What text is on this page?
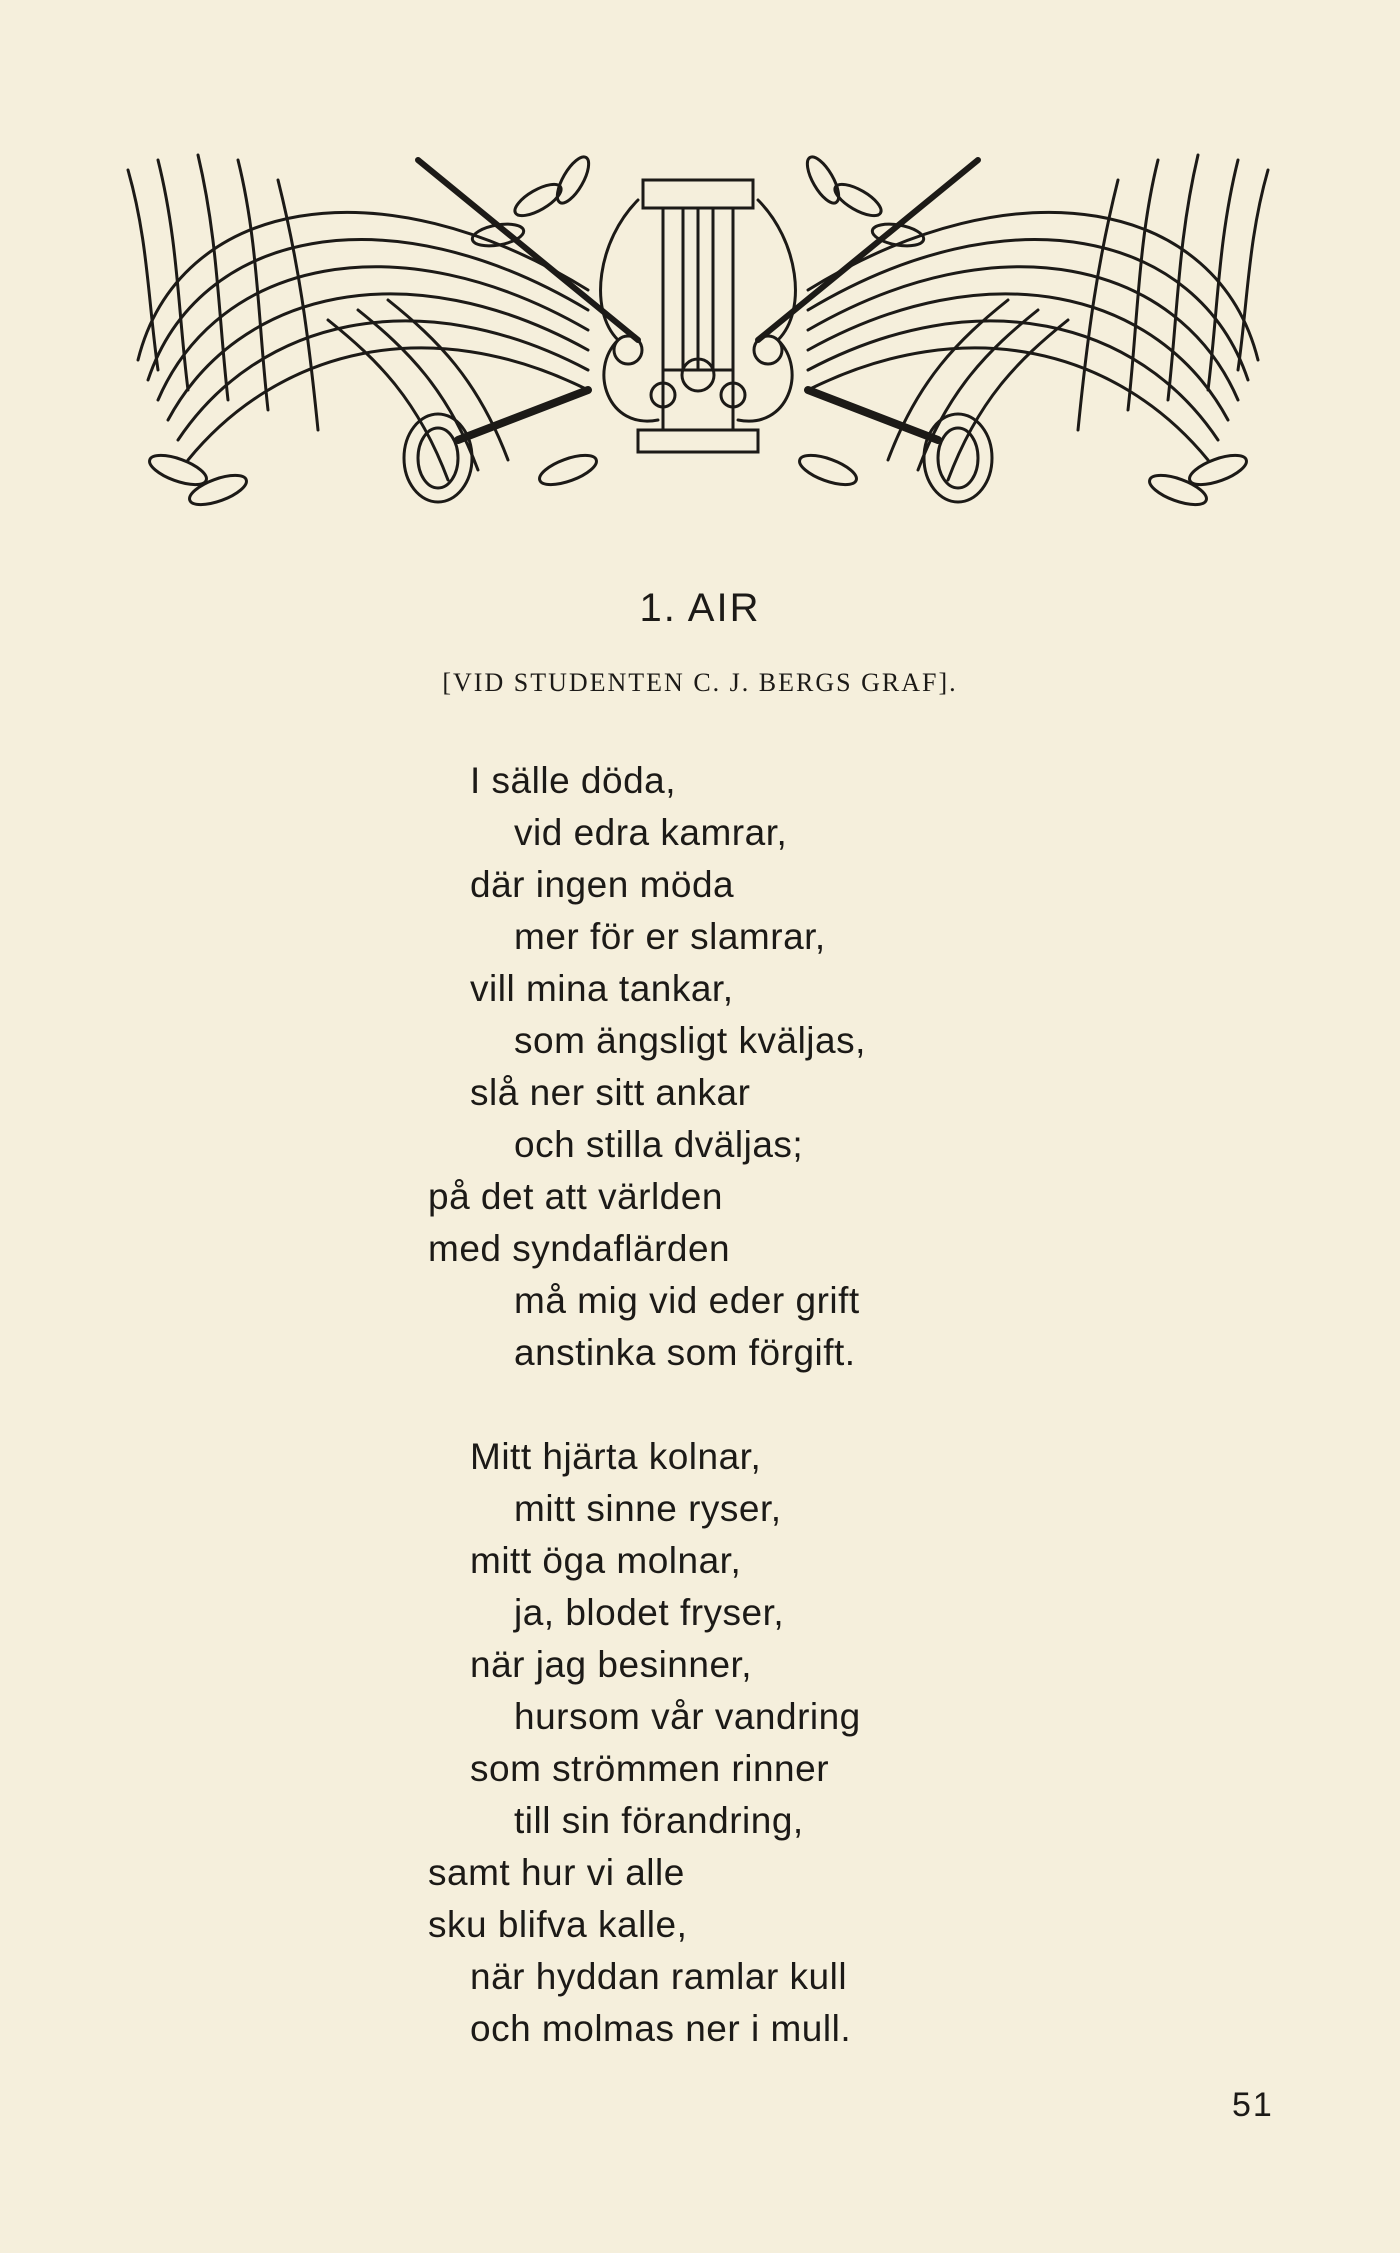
1. AIR
[VID STUDENTEN C. J. BERGS GRAF].
I sälle döda,
vid edra kamrar,
där ingen möda
mer för er slamrar,
vill mina tankar,
som ängsligt kväljas,
slå ner sitt ankar
och stilla dväljas;
på det att världen
med syndaflärden
må mig vid eder grift
anstinka som förgift.
Mitt hjärta kolnar,
mitt sinne ryser,
mitt öga molnar,
ja, blodet fryser,
när jag besinner,
hursom vår vandring
som strömmen rinner
till sin förandring,
samt hur vi alle
sku blifva kalle,
när hyddan ramlar kull
och molmas ner i mull.
51
